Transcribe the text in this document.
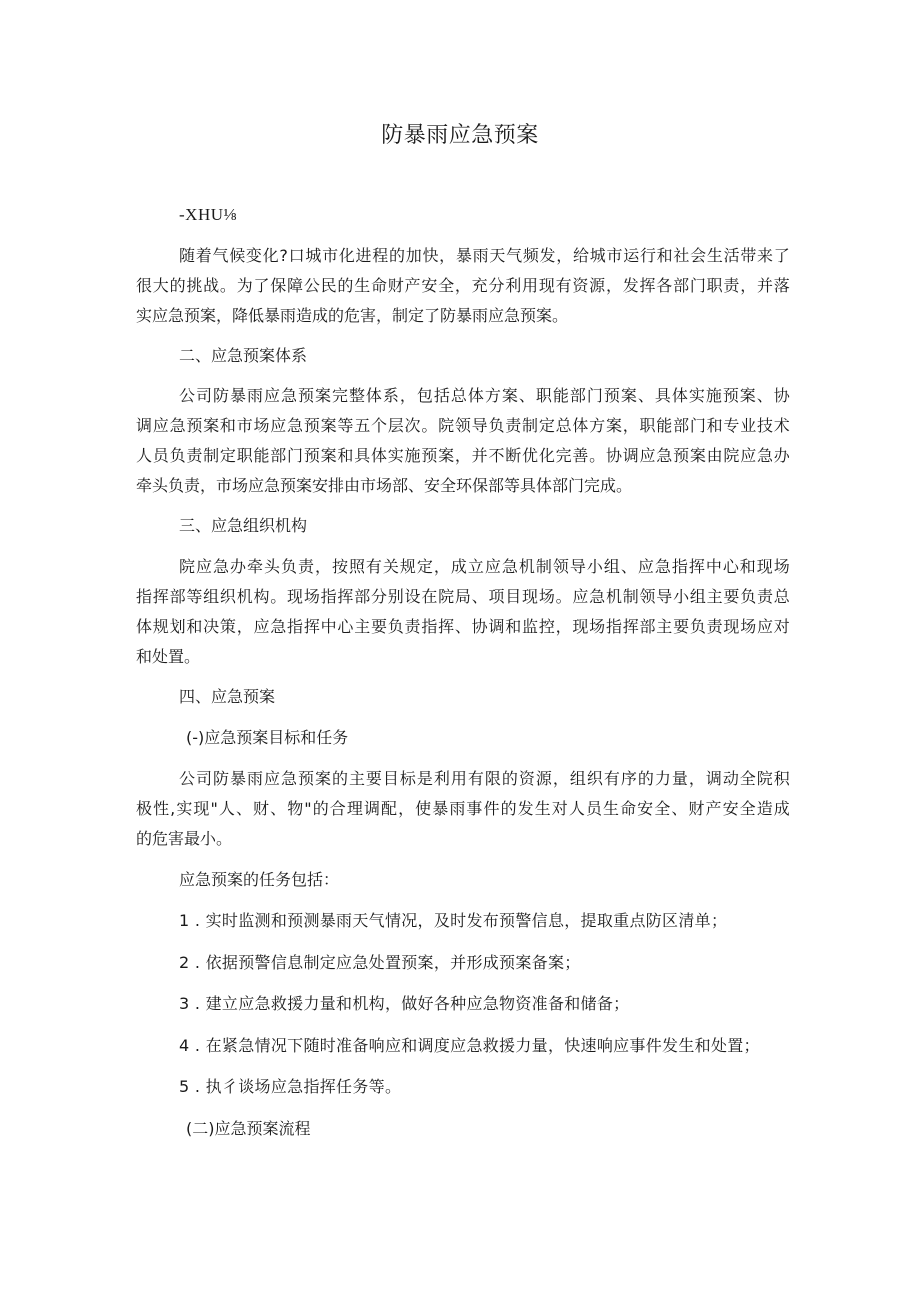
防暴雨应急预案
-XHU⅛
随着气候变化?口城市化进程的加快，暴雨天气频发，给城市运行和社会生活带来了
很大的挑战。为了保障公民的生命财产安全，充分利用现有资源，发挥各部门职责，并落
实应急预案，降低暴雨造成的危害，制定了防暴雨应急预案。
二、应急预案体系
公司防暴雨应急预案完整体系，包括总体方案、职能部门预案、具体实施预案、协
调应急预案和市场应急预案等五个层次。院领导负责制定总体方案，职能部门和专业技术
人员负责制定职能部门预案和具体实施预案，并不断优化完善。协调应急预案由院应急办
牵头负责，市场应急预案安排由市场部、安全环保部等具体部门完成。
三、应急组织机构
院应急办牵头负责，按照有关规定，成立应急机制领导小组、应急指挥中心和现场
指挥部等组织机构。现场指挥部分别设在院局、项目现场。应急机制领导小组主要负责总
体规划和决策，应急指挥中心主要负责指挥、协调和监控，现场指挥部主要负责现场应对
和处置。
四、应急预案
(-)应急预案目标和任务
公司防暴雨应急预案的主要目标是利用有限的资源，组织有序的力量，调动全院积
极性,实现"人、财、物"的合理调配，使暴雨事件的发生对人员生命安全、财产安全造成
的危害最小。
应急预案的任务包括：
1 . 实时监测和预测暴雨天气情况，及时发布预警信息，提取重点防区清单；
2 . 依据预警信息制定应急处置预案，并形成预案备案；
3 . 建立应急救援力量和机构，做好各种应急物资准备和储备；
4 . 在紧急情况下随时准备响应和调度应急救援力量，快速响应事件发生和处置；
5 . 执彳谈场应急指挥任务等。
(二)应急预案流程
